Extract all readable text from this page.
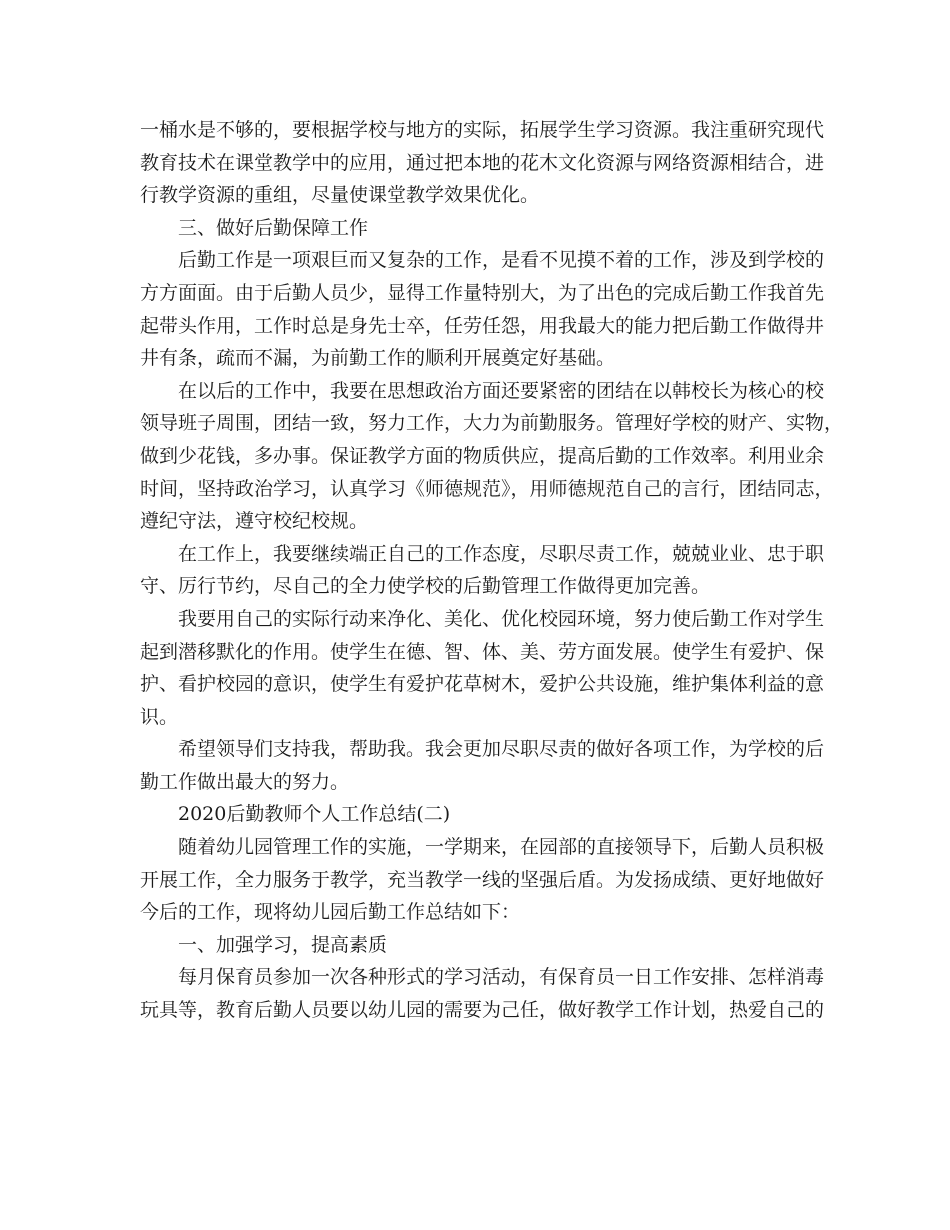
一桶水是不够的，要根据学校与地方的实际，拓展学生学习资源。我注重研究现代
教育技术在课堂教学中的应用，通过把本地的花木文化资源与网络资源相结合，进
行教学资源的重组，尽量使课堂教学效果优化。
三、做好后勤保障工作
后勤工作是一项艰巨而又复杂的工作，是看不见摸不着的工作，涉及到学校的
方方面面。由于后勤人员少，显得工作量特别大，为了出色的完成后勤工作我首先
起带头作用，工作时总是身先士卒，任劳任怨，用我最大的能力把后勤工作做得井
井有条，疏而不漏，为前勤工作的顺利开展奠定好基础。
在以后的工作中，我要在思想政治方面还要紧密的团结在以韩校长为核心的校
领导班子周围，团结一致，努力工作，大力为前勤服务。管理好学校的财产、实物，
做到少花钱，多办事。保证教学方面的物质供应，提高后勤的工作效率。利用业余
时间，坚持政治学习，认真学习《师德规范》，用师德规范自己的言行，团结同志，
遵纪守法，遵守校纪校规。
在工作上，我要继续端正自己的工作态度，尽职尽责工作，兢兢业业、忠于职
守、厉行节约，尽自己的全力使学校的后勤管理工作做得更加完善。
我要用自己的实际行动来净化、美化、优化校园环境，努力使后勤工作对学生
起到潜移默化的作用。使学生在德、智、体、美、劳方面发展。使学生有爱护、保
护、看护校园的意识，使学生有爱护花草树木，爱护公共设施，维护集体利益的意
识。
希望领导们支持我，帮助我。我会更加尽职尽责的做好各项工作，为学校的后
勤工作做出最大的努力。
2020后勤教师个人工作总结(二)
随着幼儿园管理工作的实施，一学期来，在园部的直接领导下，后勤人员积极
开展工作，全力服务于教学，充当教学一线的坚强后盾。为发扬成绩、更好地做好
今后的工作，现将幼儿园后勤工作总结如下：
一、加强学习，提高素质
每月保育员参加一次各种形式的学习活动，有保育员一日工作安排、怎样消毒
玩具等，教育后勤人员要以幼儿园的需要为己任，做好教学工作计划，热爱自己的
